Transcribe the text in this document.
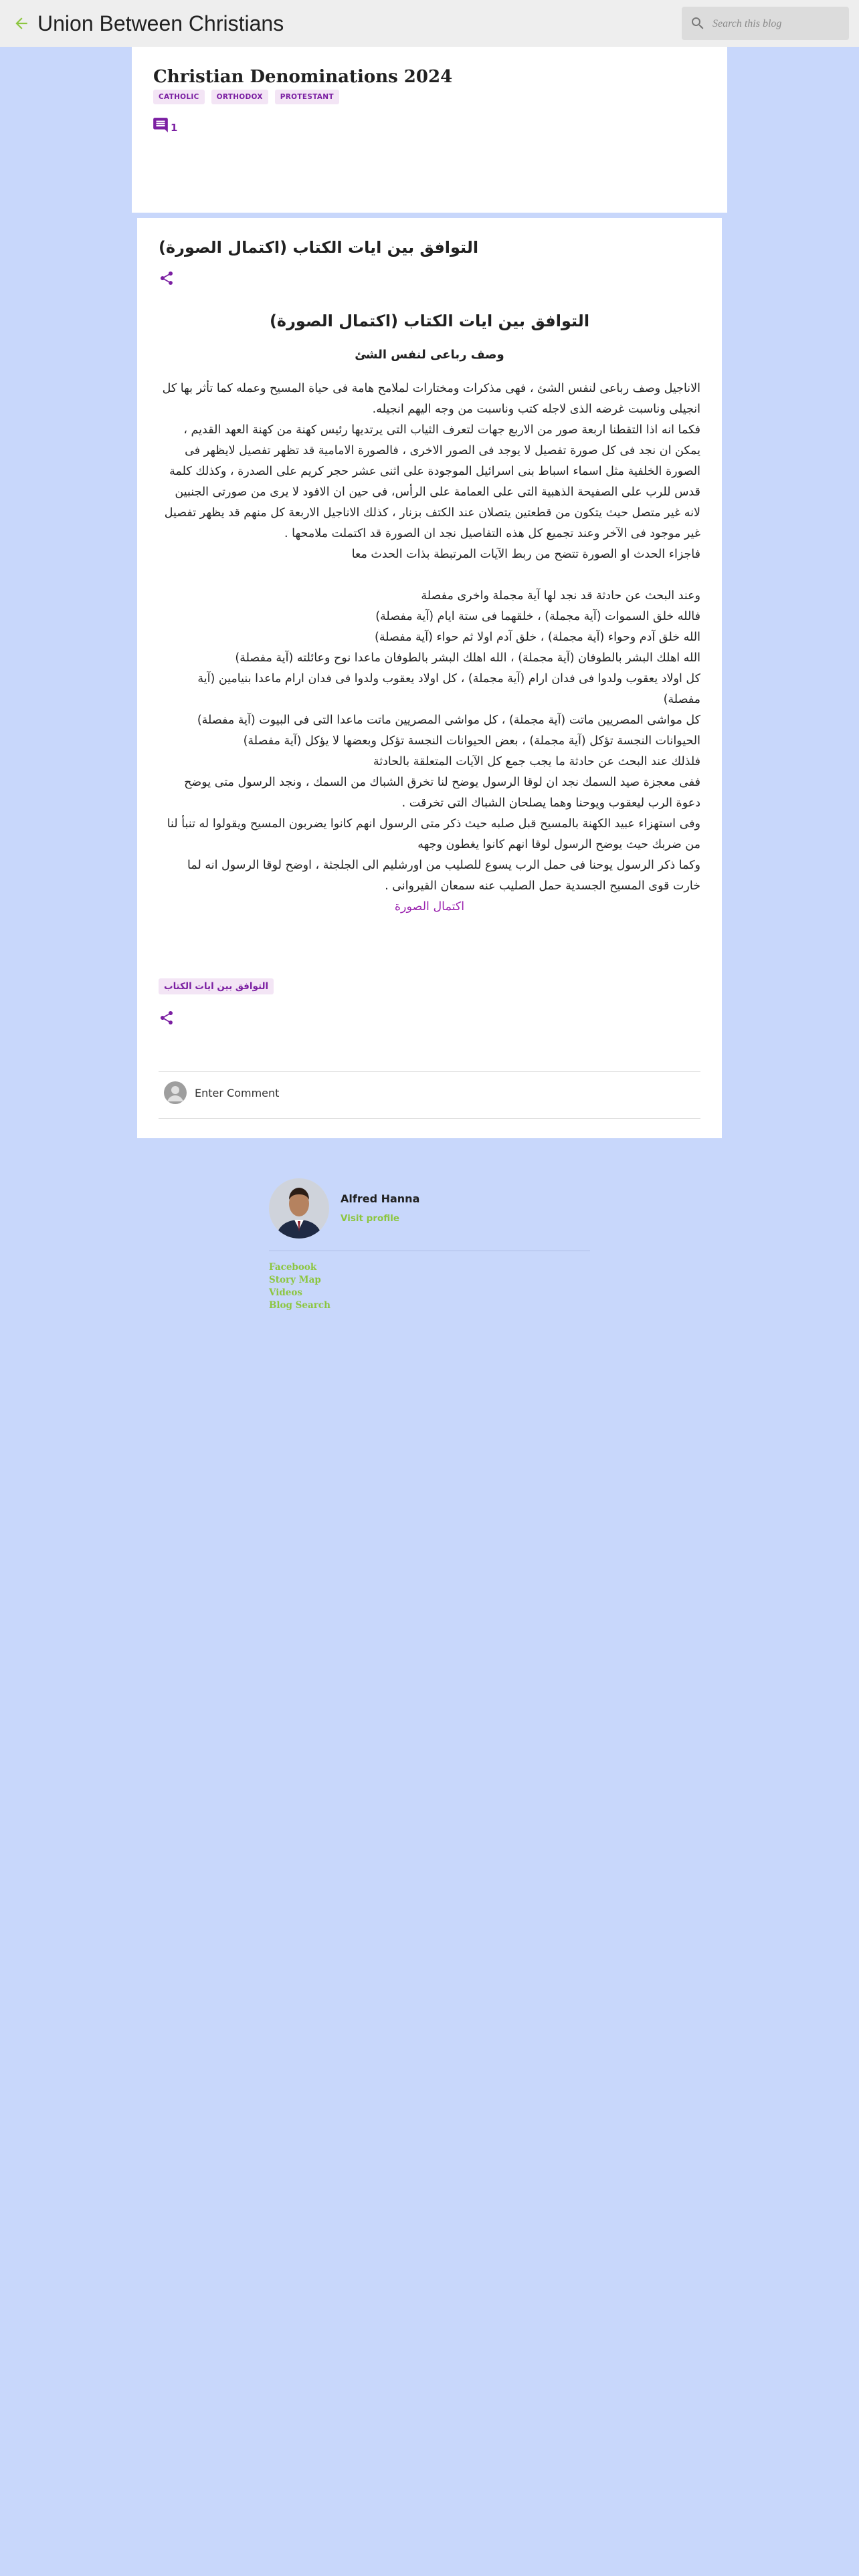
Union Between Christians
Search this blog
Christian Denominations 2024
CATHOLIC	ORTHODOX	PROTESTANT
1
التوافق بين ايات الكتاب (اكتمال الصورة)
التوافق بين ايات الكتاب (اكتمال الصورة)
وصف رباعى لنفس الشئ

الاناجيل وصف رباعى لنفس الشئ ، فهى مذكرات ومختارات لملامح هامة فى حياة المسيح وعمله كما تأثر بها كل انجيلى وناسبت غرضه الذى لاجله كتب وناسبت من وجه اليهم انجيله.

فكما انه اذا التقطنا اربعة صور من الاربع جهات لتعرف الثياب التى يرتديها رئيس كهنة من كهنة العهد القديم ، يمكن ان نجد فى كل صورة تفصيل لا يوجد فى الصور الاخرى ، فالصورة الامامية قد تظهر تفصيل لايظهر فى الصورة الخلفية مثل اسماء اسباط بنى اسرائيل الموجودة على اثنى عشر حجر كريم على الصدرة ، وكذلك كلمة قدس للرب على الصفيحة الذهبية التى على العمامة على الرأس، فى حين ان الافود لا يرى من صورتى الجنبين لانه غير متصل حيث يتكون من قطعتين يتصلان عند الكتف بزنار ، كذلك الاناجيل الاربعة كل منهم قد يظهر تفصيل غير موجود فى الآخر وعند تجميع كل هذه التفاصيل نجد ان الصورة قد اكتملت ملامحها .

فاجزاء الحدث او الصورة تتضح من ربط الآيات المرتبطة بذات الحدث معا

وعند البحث عن حادثة قد نجد لها آية مجملة واخرى مفصلة

فالله خلق السموات (آية مجملة) ، خلقهما فى ستة ايام (آية مفصلة)

الله خلق آدم وحواء (آية مجملة) ، خلق آدم اولا ثم حواء (آية مفصلة)

الله اهلك البشر بالطوفان (آية مجملة) ، الله اهلك البشر بالطوفان ماعدا نوح وعائلته (آية مفصلة)

كل اولاد يعقوب ولدوا فى فدان ارام (آية مجملة) ، كل اولاد يعقوب ولدوا فى فدان ارام ماعدا بنيامين (آية مفصلة)

كل مواشى المصريين ماتت (آية مجملة) ، كل مواشى المصريين ماتت ماعدا التى فى البيوت (آية مفصلة)

الحيوانات النجسة تؤكل (آية مجملة) ، بعض الحيوانات النجسة تؤكل وبعضها لا يؤكل (آية مفصلة)

فلذلك عند البحث عن حادثة ما يجب جمع كل الآيات المتعلقة بالحادثة

ففى معجزة صيد السمك نجد ان لوقا الرسول يوضح لنا تخرق الشباك من السمك ، ونجد الرسول متى يوضح دعوة الرب ليعقوب ويوحنا وهما يصلحان الشباك التى تخرقت .

وفى استهزاء عبيد الكهنة بالمسيح قبل صلبه حيث ذكر متى الرسول انهم كانوا يضربون المسيح ويقولوا له تنبأ لنا من ضربك حيث يوضح الرسول لوقا انهم كانوا يغطون وجهه

وكما ذكر الرسول يوحنا فى حمل الرب يسوع للصليب من اورشليم الى الجلجثة ، اوضح لوقا الرسول انه لما خارت قوى المسيح الجسدية حمل الصليب عنه سمعان القيروانى .

اكتمال الصورة
التوافق بين ايات الكتاب
Enter Comment
Alfred Hanna
Visit profile
Facebook
Story Map
Videos
Blog Search
